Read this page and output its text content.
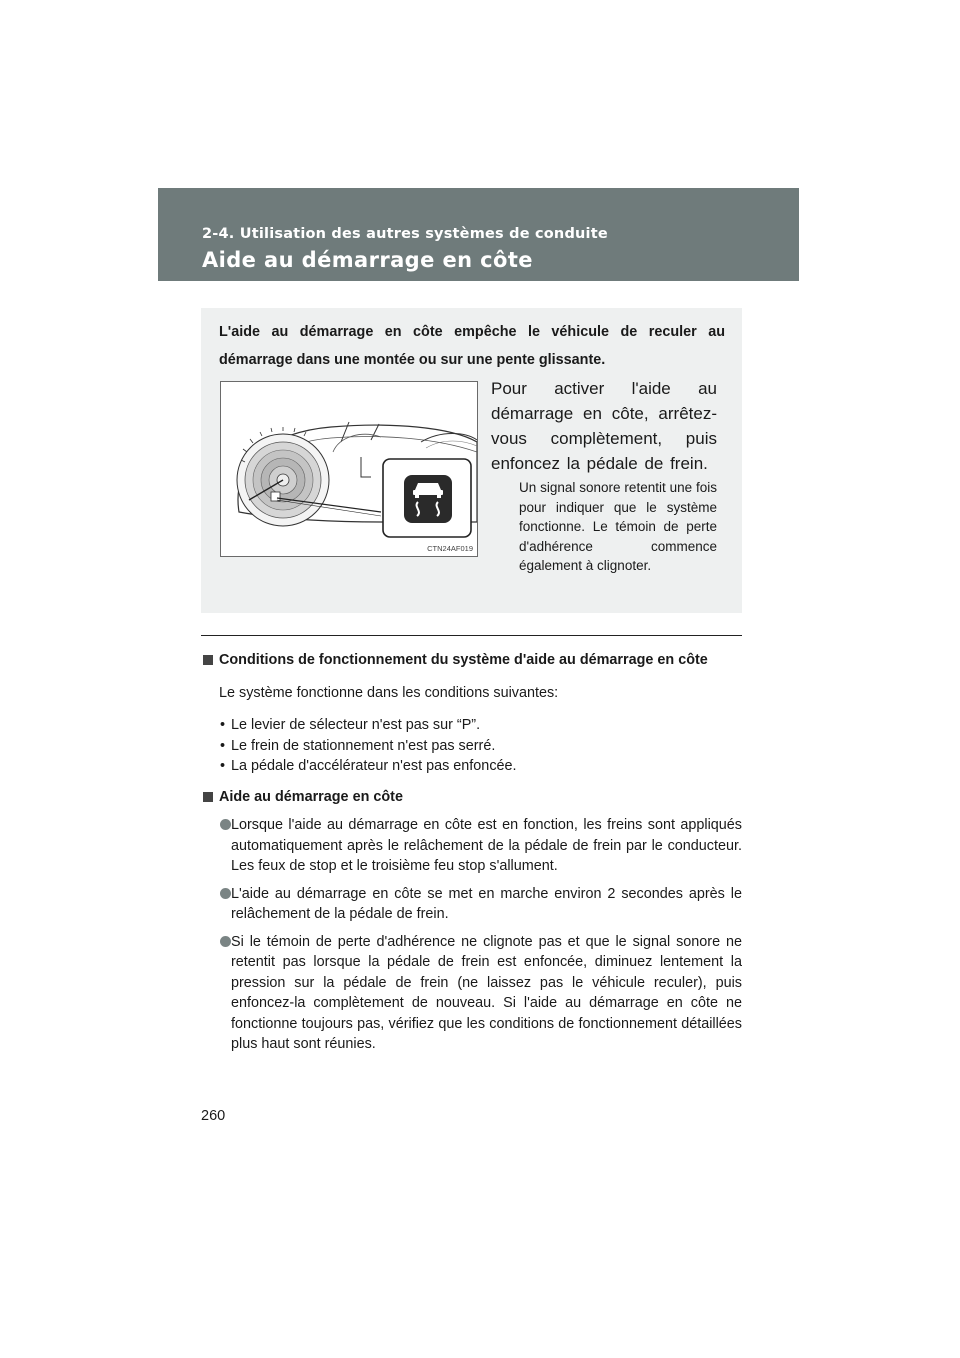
2-4. Utilisation des autres systèmes de conduite
Aide au démarrage en côte
L'aide au démarrage en côte empêche le véhicule de reculer au démarrage dans une montée ou sur une pente glissante.
CTN24AF019
Pour activer l'aide au démarrage en côte, arrêtez-vous complètement, puis enfoncez la pédale de frein.
Un signal sonore retentit une fois pour indiquer que le système fonctionne. Le témoin de perte d'adhérence commence également à clignoter.
Conditions de fonctionnement du système d'aide au démarrage en côte
Le système fonctionne dans les conditions suivantes:
• Le levier de sélecteur n'est pas sur “P”.
• Le frein de stationnement n'est pas serré.
• La pédale d'accélérateur n'est pas enfoncée.
Aide au démarrage en côte
Lorsque l'aide au démarrage en côte est en fonction, les freins sont appliqués automatiquement après le relâchement de la pédale de frein par le conducteur. Les feux de stop et le troisième feu stop s'allument.
L'aide au démarrage en côte se met en marche environ 2 secondes après le relâchement de la pédale de frein.
Si le témoin de perte d'adhérence ne clignote pas et que le signal sonore ne retentit pas lorsque la pédale de frein est enfoncée, diminuez lentement la pression sur la pédale de frein (ne laissez pas le véhicule reculer), puis enfoncez-la complètement de nouveau. Si l'aide au démarrage en côte ne fonctionne toujours pas, vérifiez que les conditions de fonctionnement détaillées plus haut sont réunies.
260
